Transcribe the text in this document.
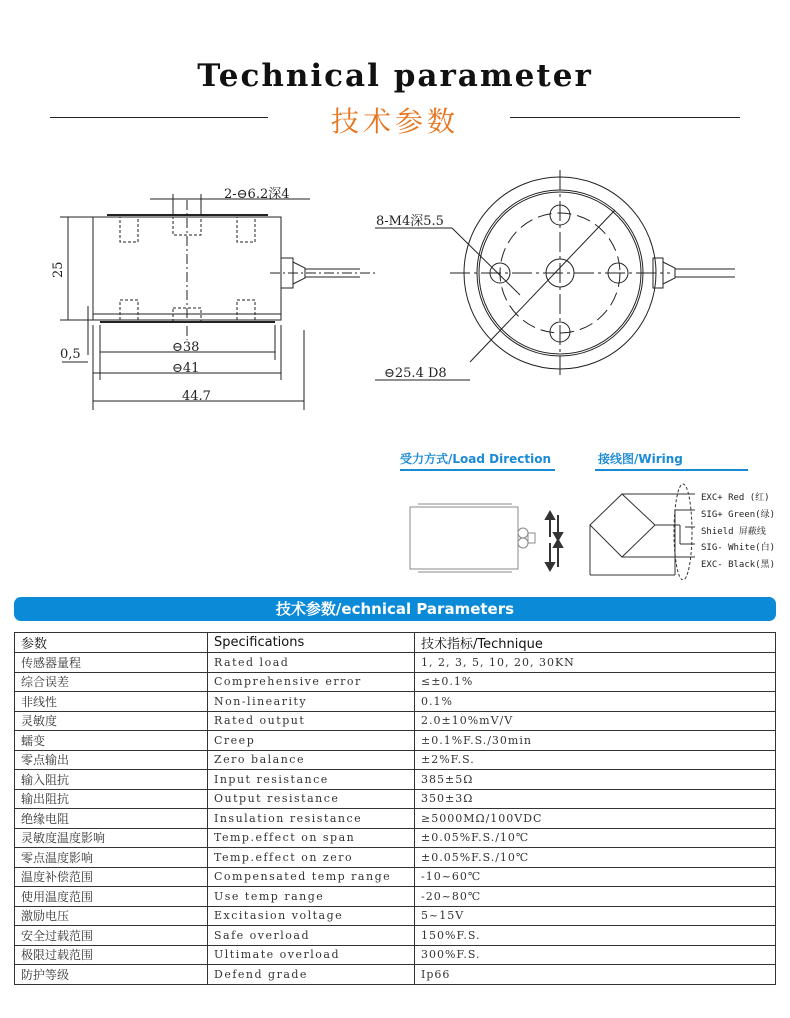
Technical parameter
技术参数
2-⊖6.2深4
25
0,5	⊖38
⊖41
44.7
8-M4深5.5
⊖25.4 D8
受力方式/Load Direction	接线图/Wiring
EXC+ Red (红)
SIG+ Green(绿)
Shield 屏蔽线
SIG- White(白)
EXC- Black(黑)
技术参数/echnical Parameters
参数	Specifications	技术指标/Technique
传感器量程	Rated load	1, 2, 3, 5, 10, 20, 30KN
综合误差	Comprehensive error	≤±0.1%
非线性	Non-linearity	0.1%
灵敏度	Rated output	2.0±10%mV/V
蠕变	Creep	±0.1%F.S./30min
零点输出	Zero balance	±2%F.S.
输入阻抗	Input resistance	385±5Ω
输出阻抗	Output resistance	350±3Ω
绝缘电阻	Insulation resistance	≥5000MΩ/100VDC
灵敏度温度影响	Temp.effect on span	±0.05%F.S./10℃
零点温度影响	Temp.effect on zero	±0.05%F.S./10℃
温度补偿范围	Compensated temp range	-10~60℃
使用温度范围	Use temp range	-20~80℃
激励电压	Excitasion voltage	5~15V
安全过载范围	Safe overload	150%F.S.
极限过载范围	Ultimate overload	300%F.S.
防护等级	Defend grade	Ip66
